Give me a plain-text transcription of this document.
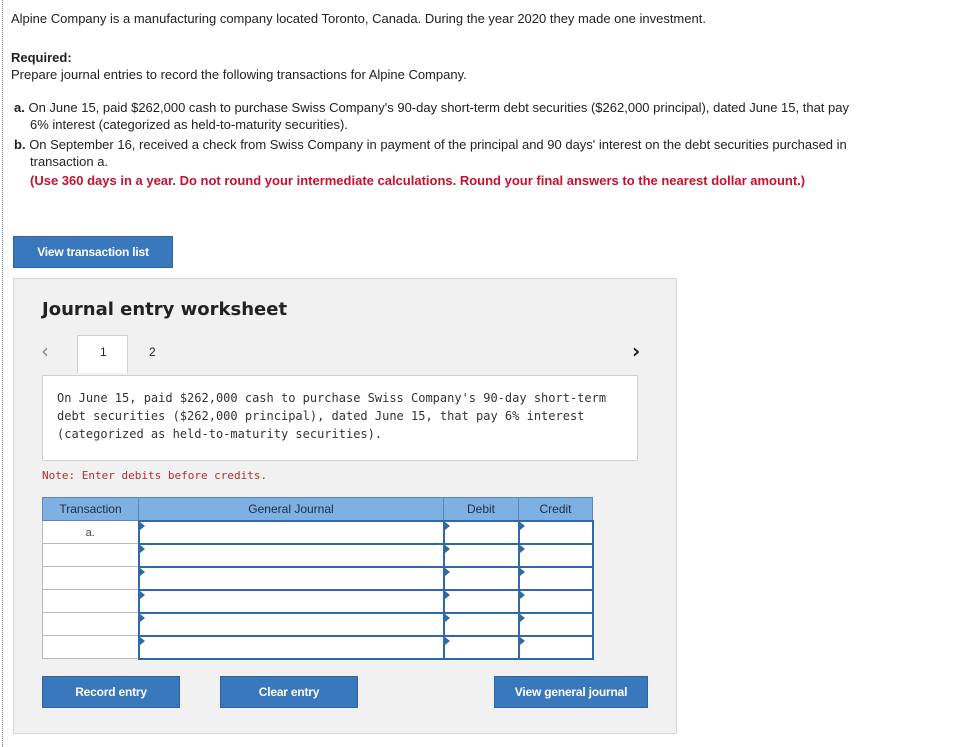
Alpine Company is a manufacturing company located Toronto, Canada. During the year 2020 they made one investment.
Required:
Prepare journal entries to record the following transactions for Alpine Company.
a. On June 15, paid $262,000 cash to purchase Swiss Company's 90-day short-term debt securities ($262,000 principal), dated June 15, that pay
6% interest (categorized as held-to-maturity securities).
b. On September 16, received a check from Swiss Company in payment of the principal and 90 days' interest on the debt securities purchased in
transaction a.
(Use 360 days in a year. Do not round your intermediate calculations. Round your final answers to the nearest dollar amount.)
View transaction list
Journal entry worksheet
‹	1	2	›
On June 15, paid $262,000 cash to purchase Swiss Company's 90-day short-term debt securities ($262,000 principal), dated June 15, that pay 6% interest (categorized as held-to-maturity securities).
Note: Enter debits before credits.
Transaction	General Journal	Debit	Credit
a.			

Record entry	Clear entry	View general journal
